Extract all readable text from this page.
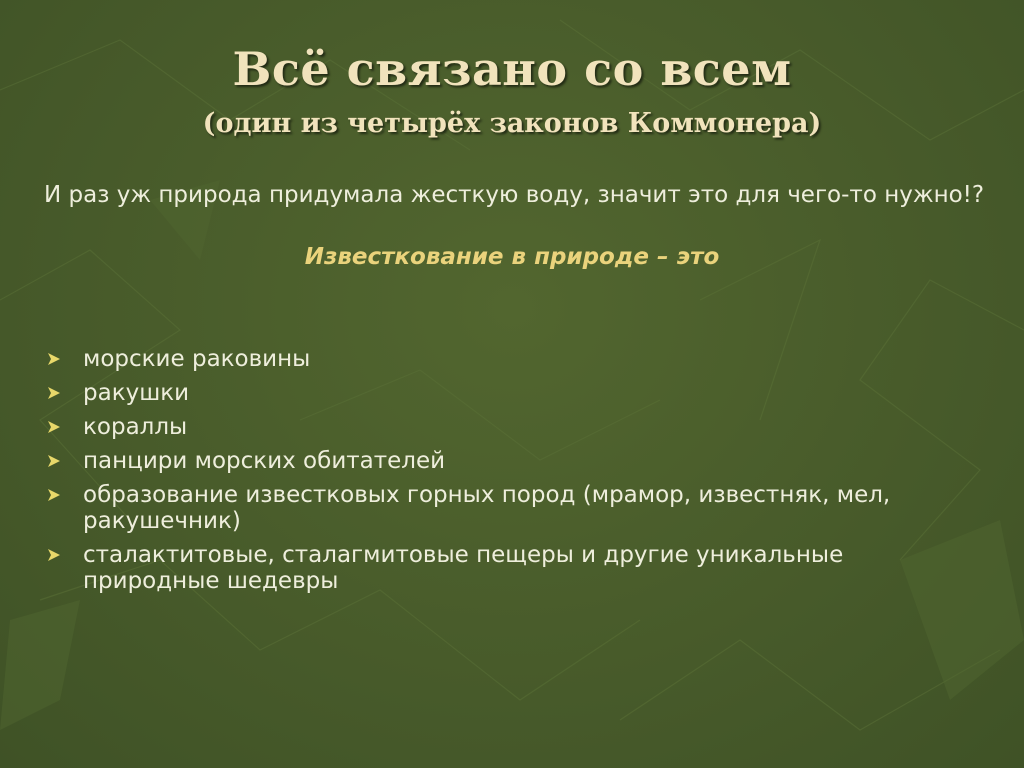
Всё связано со всем
(один из четырёх законов Коммонера)
И раз уж природа придумала жесткую воду, значит это для чего-то нужно!?
Известкование в природе – это
морские раковины
ракушки
кораллы
панцири морских обитателей
образование известковых горных пород (мрамор, известняк, мел, ракушечник)
сталактитовые, сталагмитовые пещеры и другие уникальные природные шедевры
